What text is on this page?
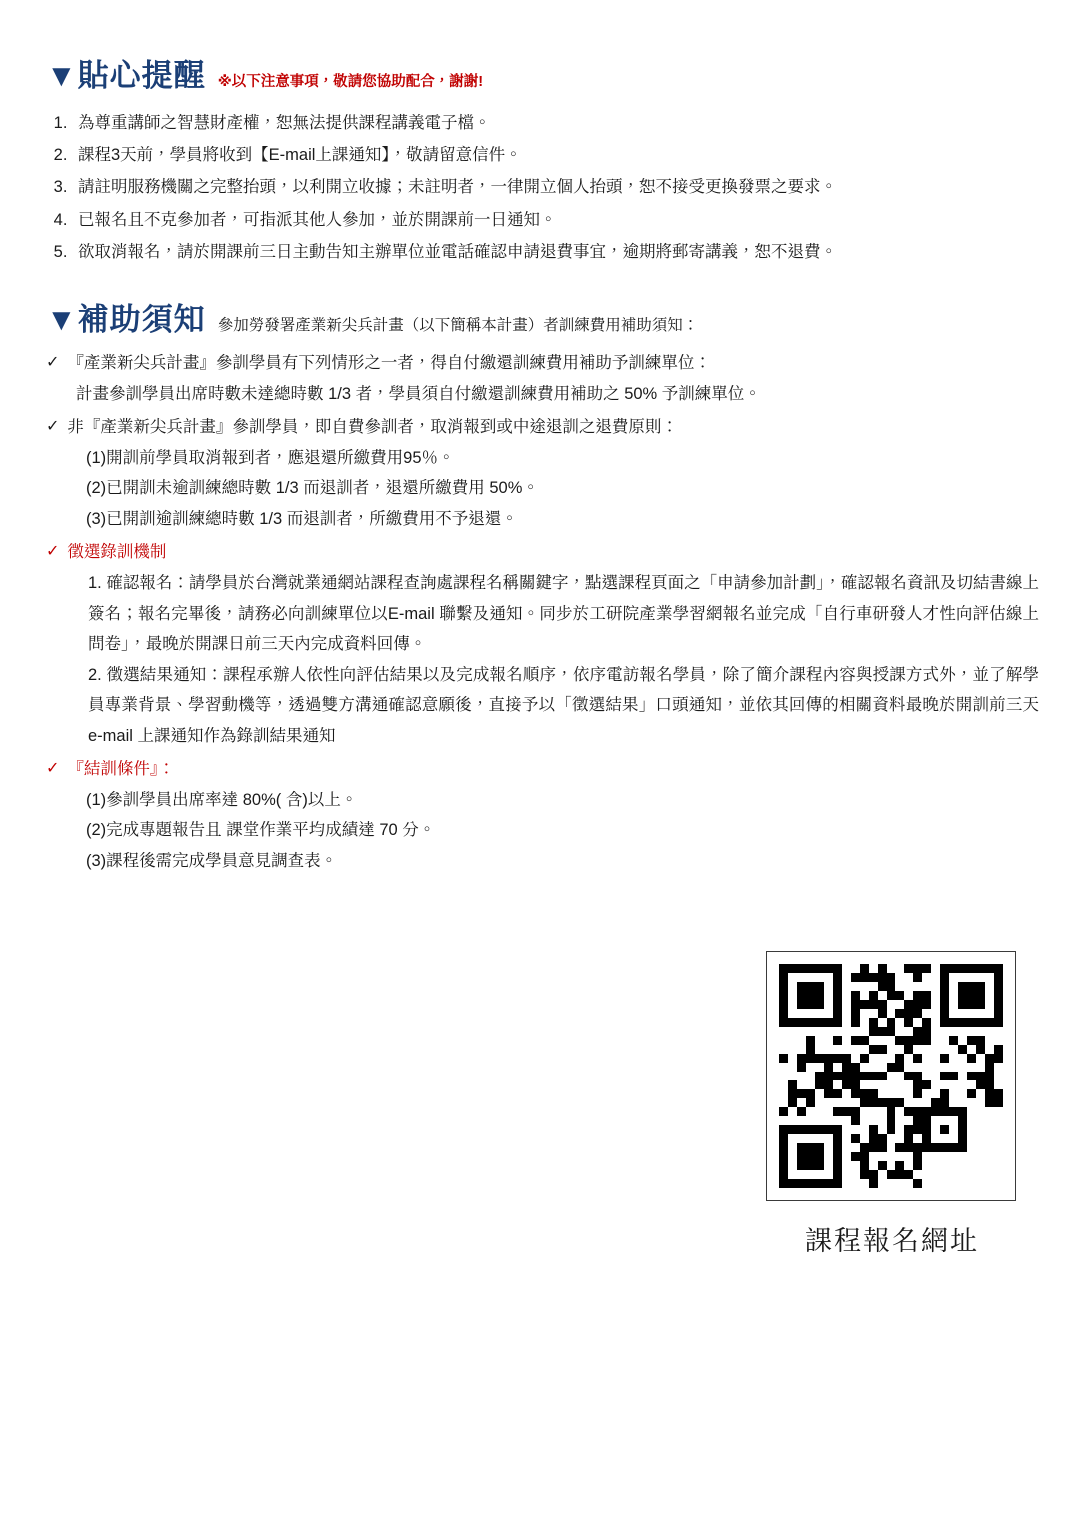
▼貼心提醒 ※以下注意事項，敬請您協助配合，謝謝!
1. 為尊重講師之智慧財產權，恕無法提供課程講義電子檔。
2. 課程3天前，學員將收到【E-mail上課通知】，敬請留意信件。
3. 請註明服務機關之完整抬頭，以利開立收據；未註明者，一律開立個人抬頭，恕不接受更換發票之要求。
4. 已報名且不克參加者，可指派其他人參加，並於開課前一日通知。
5. 欲取消報名，請於開課前三日主動告知主辦單位並電話確認申請退費事宜，逾期將郵寄講義，恕不退費。
▼補助須知 參加勞發署產業新尖兵計畫（以下簡稱本計畫）者訓練費用補助須知：
✓ 『產業新尖兵計畫』參訓學員有下列情形之一者，得自付繳還訓練費用補助予訓練單位：
計畫參訓學員出席時數未達總時數 1/3 者，學員須自付繳還訓練費用補助之 50% 予訓練單位。
✓ 非『產業新尖兵計畫』參訓學員，即自費參訓者，取消報到或中途退訓之退費原則：
(1)開訓前學員取消報到者，應退還所繳費用95％。
(2)已開訓未逾訓練總時數 1/3 而退訓者，退還所繳費用 50%。
(3)已開訓逾訓練總時數 1/3 而退訓者，所繳費用不予退還。
✓ 徵選錄訓機制
1. 確認報名：請學員於台灣就業通網站課程查詢處課程名稱關鍵字，點選課程頁面之「申請參加計劃」，確認報名資訊及切結書線上簽名；報名完畢後，請務必向訓練單位以E-mail 聯繫及通知。同步於工研院產業學習網報名並完成「自行車研發人才性向評估線上問卷」，最晚於開課日前三天內完成資料回傳。
2. 徵選結果通知：課程承辦人依性向評估結果以及完成報名順序，依序電訪報名學員，除了簡介課程內容與授課方式外，並了解學員專業背景、學習動機等，透過雙方溝通確認意願後，直接予以「徵選結果」口頭通知，並依其回傳的相關資料最晚於開訓前三天e-mail 上課通知作為錄訓結果通知
✓ 『結訓條件』：
(1)參訓學員出席率達 80%( 含)以上。
(2)完成專題報告且 課堂作業平均成績達 70 分。
(3)課程後需完成學員意見調查表。
課程報名網址
